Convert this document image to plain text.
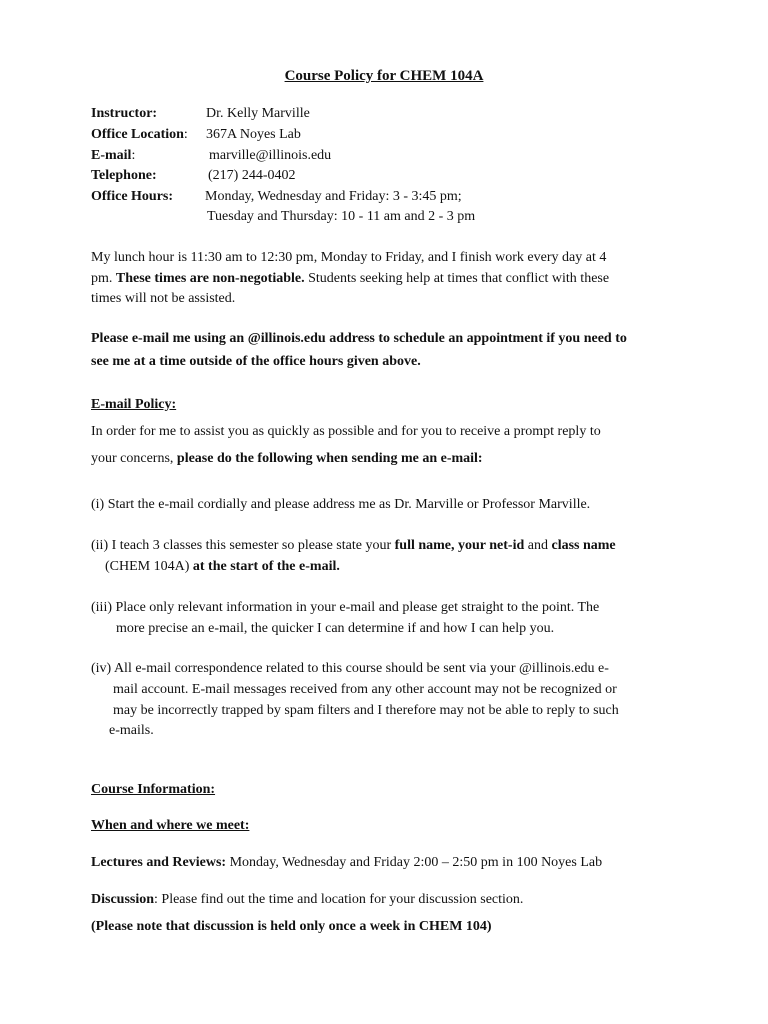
Course Policy for CHEM 104A
Instructor:	Dr. Kelly Marville
Office Location: 367A Noyes Lab
E-mail:	marville@illinois.edu
Telephone:	(217) 244-0402
Office Hours: Monday, Wednesday and Friday: 3 - 3:45 pm;
Tuesday and Thursday: 10 - 11 am and 2 - 3 pm
My lunch hour is 11:30 am to 12:30 pm, Monday to Friday, and I finish work every day at 4
pm. These times are non-negotiable. Students seeking help at times that conflict with these
times will not be assisted.
Please e-mail me using an @illinois.edu address to schedule an appointment if you need to
see me at a time outside of the office hours given above.
E-mail Policy:
In order for me to assist you as quickly as possible and for you to receive a prompt reply to
your concerns, please do the following when sending me an e-mail:
(i) Start the e-mail cordially and please address me as Dr. Marville or Professor Marville.
(ii) I teach 3 classes this semester so please state your full name, your net-id and class name
(CHEM 104A) at the start of the e-mail.
(iii) Place only relevant information in your e-mail and please get straight to the point. The
more precise an e-mail, the quicker I can determine if and how I can help you.
(iv) All e-mail correspondence related to this course should be sent via your @illinois.edu e-
mail account. E-mail messages received from any other account may not be recognized or
may be incorrectly trapped by spam filters and I therefore may not be able to reply to such
e-mails.
Course Information:
When and where we meet:
Lectures and Reviews: Monday, Wednesday and Friday 2:00 – 2:50 pm in 100 Noyes Lab
Discussion: Please find out the time and location for your discussion section.
(Please note that discussion is held only once a week in CHEM 104)
